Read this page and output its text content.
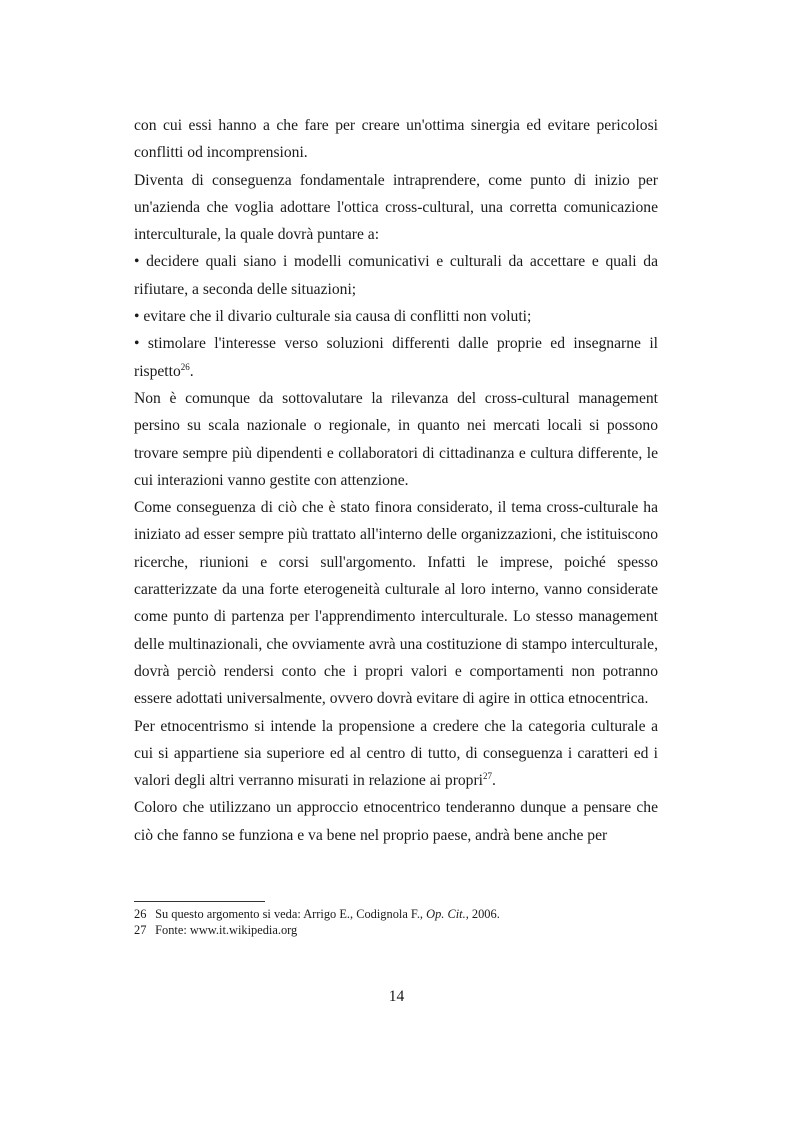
con cui essi hanno a che fare per creare un'ottima sinergia ed evitare pericolosi conflitti od incomprensioni.

Diventa di conseguenza fondamentale intraprendere, come punto di inizio per un'azienda che voglia adottare l'ottica cross-cultural, una corretta comunicazione interculturale, la quale dovrà puntare a:

• decidere quali siano i modelli comunicativi e culturali da accettare e quali da rifiutare, a seconda delle situazioni;

• evitare che il divario culturale sia causa di conflitti non voluti;

• stimolare l'interesse verso soluzioni differenti dalle proprie ed insegnarne il rispetto$^{26}$.

Non è comunque da sottovalutare la rilevanza del cross-cultural management persino su scala nazionale o regionale, in quanto nei mercati locali si possono trovare sempre più dipendenti e collaboratori di cittadinanza e cultura differente, le cui interazioni vanno gestite con attenzione.

Come conseguenza di ciò che è stato finora considerato, il tema cross-culturale ha iniziato ad esser sempre più trattato all'interno delle organizzazioni, che istituiscono ricerche, riunioni e corsi sull'argomento. Infatti le imprese, poiché spesso caratterizzate da una forte eterogeneità culturale al loro interno, vanno considerate come punto di partenza per l'apprendimento interculturale. Lo stesso management delle multinazionali, che ovviamente avrà una costituzione di stampo interculturale, dovrà perciò rendersi conto che i propri valori e comportamenti non potranno essere adottati universalmente, ovvero dovrà evitare di agire in ottica etnocentrica.

Per etnocentrismo si intende la propensione a credere che la categoria culturale a cui si appartiene sia superiore ed al centro di tutto, di conseguenza i caratteri ed i valori degli altri verranno misurati in relazione ai propri$^{27}$.

Coloro che utilizzano un approccio etnocentrico tenderanno dunque a pensare che ciò che fanno se funziona e va bene nel proprio paese, andrà bene anche per

26 Su questo argomento si veda: Arrigo E., Codignola F., Op. Cit., 2006.
27 Fonte: www.it.wikipedia.org
14
